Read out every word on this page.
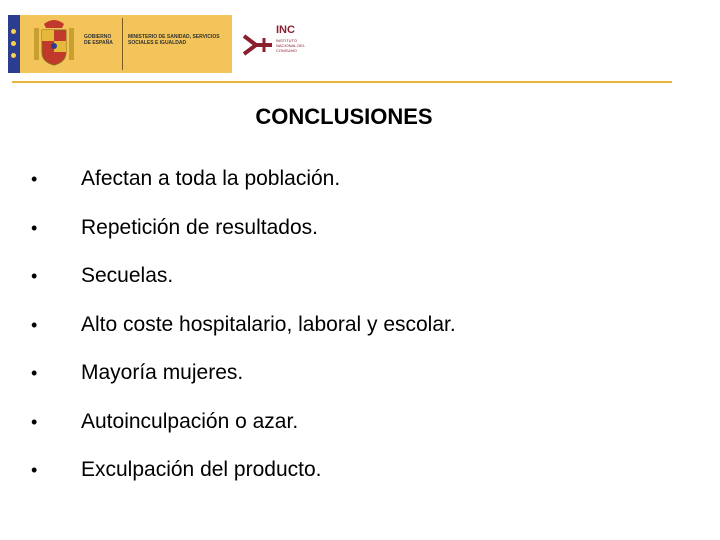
GOBIERNO DE ESPAÑA
MINISTERIO DE SANIDAD, SERVICIOS SOCIALES E IGUALDAD
INC
INSTITUTO NACIONAL DEL CONSUMO
CONCLUSIONES
•	Afectan a toda la población.
•	Repetición de resultados.
•	Secuelas.
•	Alto coste hospitalario, laboral y escolar.
•	Mayoría mujeres.
•	Autoinculpación o azar.
•	Exculpación del producto.
